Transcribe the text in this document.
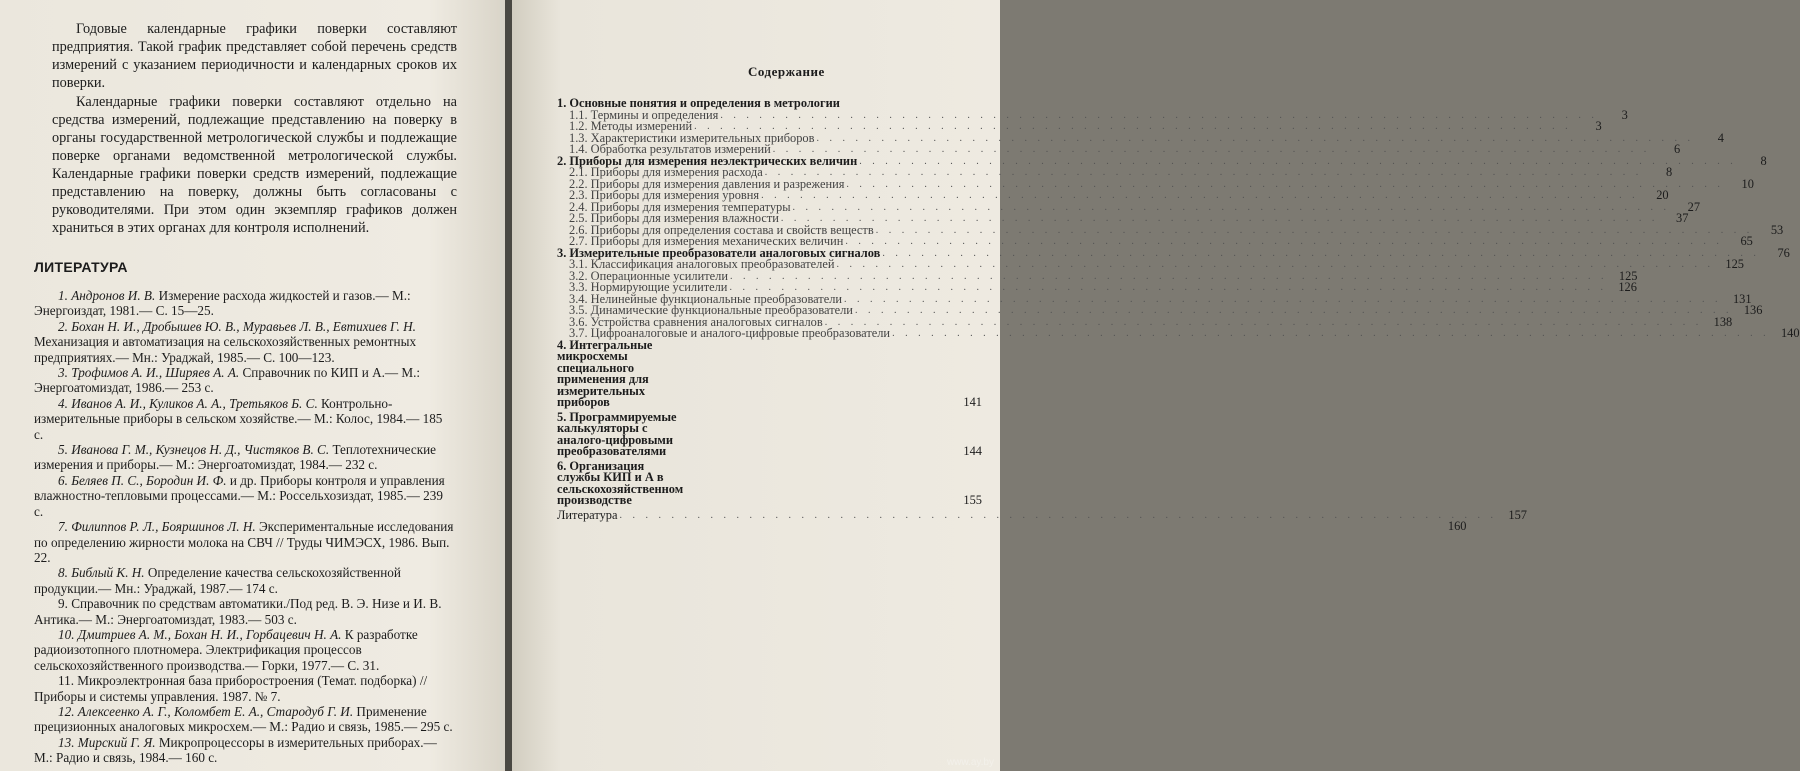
Годовые календарные графики поверки составляют предприятия. Такой график представляет собой перечень средств измерений с указанием периодичности и календарных сроков их поверки.

Календарные графики поверки составляют отдельно на средства измерений, подлежащие представлению на поверку в органы государственной метрологической службы и подлежащие поверке органами ведомственной метрологической службы. Календарные графики поверки средств измерений, подлежащие представлению на поверку, должны быть согласованы с руководителями. При этом один экземпляр графиков должен храниться в этих органах для контроля исполнений.

ЛИТЕРАТУРА

1. Андронов И. В. Измерение расхода жидкостей и газов.— М.: Энергоиздат, 1981.— С. 15—25.

2. Бохан Н. И., Дробышев Ю. В., Муравьев Л. В., Евтихиев Г. Н. Механизация и автоматизация на сельскохозяйственных ремонтных предприятиях.— Мн.: Ураджай, 1985.— С. 100—123.

3. Трофимов А. И., Ширяев А. А. Справочник по КИП и А.— М.: Энергоатомиздат, 1986.— 253 с.

4. Иванов А. И., Куликов А. А., Третьяков Б. С. Контрольно-измерительные приборы в сельском хозяйстве.— М.: Колос, 1984.— 185 с.

5. Иванова Г. М., Кузнецов Н. Д., Чистяков В. С. Теплотехнические измерения и приборы.— М.: Энергоатомиздат, 1984.— 232 с.

6. Беляев П. С., Бородин И. Ф. и др. Приборы контроля и управления влажностно-тепловыми процессами.— М.: Россельхозиздат, 1985.— 239 с.

7. Филиппов Р. Л., Бояршинов Л. Н. Экспериментальные исследования по определению жирности молока на СВЧ // Труды ЧИМЭСХ, 1986. Вып. 22.

8. Библый К. Н. Определение качества сельскохозяйственной продукции.— Мн.: Ураджай, 1987.— 174 с.

9. Справочник по средствам автоматики./Под ред. В. Э. Низе и И. В. Антика.— М.: Энергоатомиздат, 1983.— 503 с.

10. Дмитриев А. М., Бохан Н. И., Горбацевич Н. А. К разработке радиоизотопного плотномера. Электрификация процессов сельскохозяйственного производства.— Горки, 1977.— С. 31.

11. Микроэлектронная база приборостроения (Темат. подборка) // Приборы и системы управления. 1987. № 7.

12. Алексеенко А. Г., Коломбет Е. А., Стародуб Г. И. Применение прецизионных аналоговых микросхем.— М.: Радио и связь, 1985.— 295 с.

13. Мирский Г. Я. Микропроцессоры в измерительных приборах.— М.: Радио и связь, 1984.— 160 с.

Содержание
1. Основные понятия и определения в метрологии
1.1. Термины и определения . . .	3
1.2. Методы измерений . . .	3
1.3. Характеристики измерительных приборов . . .	4
1.4. Обработка результатов измерений . . .	6
2. Приборы для измерения неэлектрических величин . . .	8
2.1. Приборы для измерения расхода . . .	8
2.2. Приборы для измерения давления и разрежения . . .	10
2.3. Приборы для измерения уровня . . .	20
2.4. Приборы для измерения температуры . . .	27
2.5. Приборы для измерения влажности . . .	37
2.6. Приборы для определения состава и свойств веществ . . .	53
2.7. Приборы для измерения механических величин . . .	65
3. Измерительные преобразователи аналоговых сигналов . . .	76
3.1. Классификация аналоговых преобразователей . . .	125
3.2. Операционные усилители . . .	125
3.3. Нормирующие усилители . . .	126
3.4. Нелинейные функциональные преобразователи . . .	131
3.5. Динамические функциональные преобразователи . . .	136
3.6. Устройства сравнения аналоговых сигналов . . .	138
3.7. Цифроаналоговые и аналого-цифровые преобразователи . . .	140
4. Интегральные микросхемы специального применения для измерительных приборов	141
5. Программируемые калькуляторы с аналого-цифровыми преобразователями	144
6. Организация службы КИП и А в сельскохозяйственном производстве	155
Литература . . .	157
160
www.ay.by
